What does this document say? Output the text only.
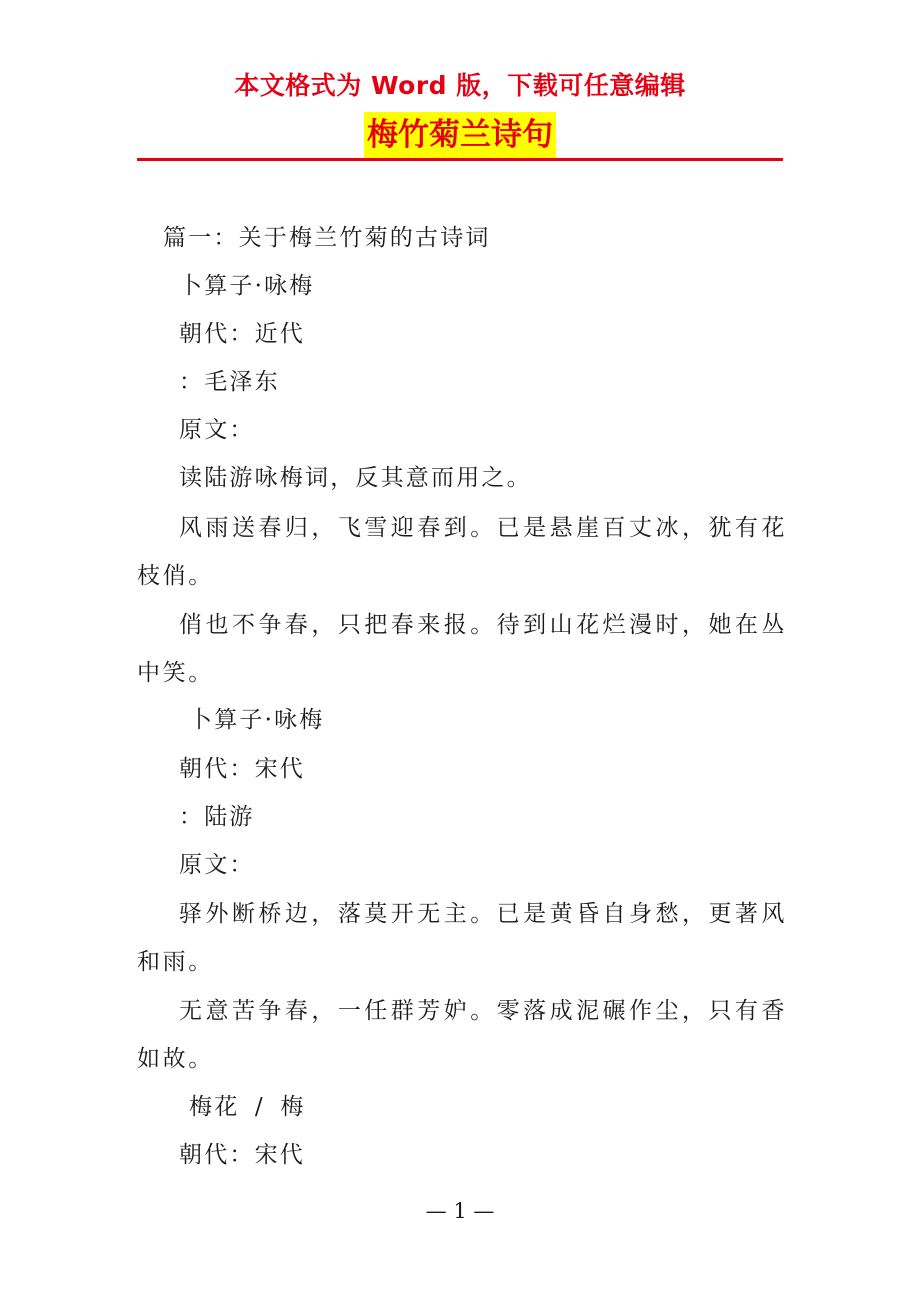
本文格式为 Word 版，下载可任意编辑
梅竹菊兰诗句
篇一：关于梅兰竹菊的古诗词
卜算子·咏梅
朝代：近代
：毛泽东
原文：
读陆游咏梅词，反其意而用之。
风雨送春归，飞雪迎春到。已是悬崖百丈冰，犹有花枝俏。
俏也不争春，只把春来报。待到山花烂漫时，她在丛中笑。
卜算子·咏梅
朝代：宋代
：陆游
原文：
驿外断桥边，落莫开无主。已是黄昏自身愁，更著风和雨。
无意苦争春，一任群芳妒。零落成泥碾作尘，只有香如故。
梅花 / 梅
朝代：宋代
— 1 —
